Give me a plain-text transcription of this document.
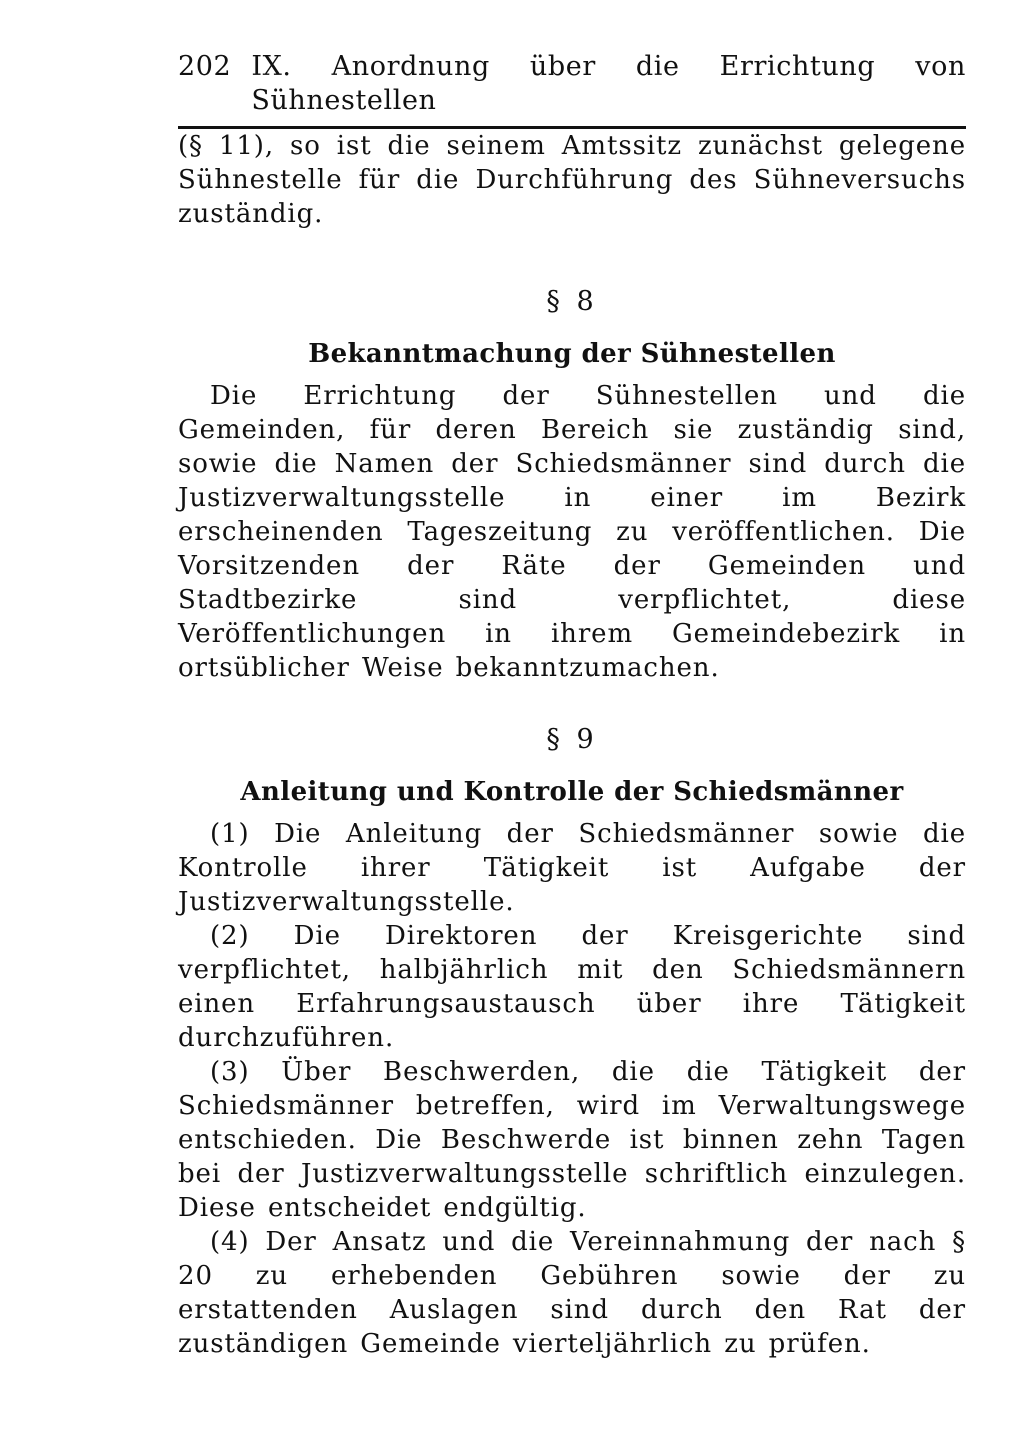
202 IX. Anordnung über die Errichtung von Sühnestellen

(§ 11), so ist die seinem Amtssitz zunächst gelegene Sühnestelle für die Durchführung des Sühneversuchs zuständig.

§ 8
Bekanntmachung der Sühnestellen

Die Errichtung der Sühnestellen und die Gemeinden, für deren Bereich sie zuständig sind, sowie die Namen der Schiedsmänner sind durch die Justizverwaltungsstelle in einer im Bezirk erscheinenden Tageszeitung zu veröffentlichen. Die Vorsitzenden der Räte der Gemeinden und Stadtbezirke sind verpflichtet, diese Veröffentlichungen in ihrem Gemeindebezirk in ortsüblicher Weise bekanntzumachen.

§ 9
Anleitung und Kontrolle der Schiedsmänner

(1) Die Anleitung der Schiedsmänner sowie die Kontrolle ihrer Tätigkeit ist Aufgabe der Justizverwaltungsstelle.

(2) Die Direktoren der Kreisgerichte sind verpflichtet, halbjährlich mit den Schiedsmännern einen Erfahrungsaustausch über ihre Tätigkeit durchzuführen.

(3) Über Beschwerden, die die Tätigkeit der Schiedsmänner betreffen, wird im Verwaltungswege entschieden. Die Beschwerde ist binnen zehn Tagen bei der Justizverwaltungsstelle schriftlich einzulegen. Diese entscheidet endgültig.

(4) Der Ansatz und die Vereinnahmung der nach § 20 zu erhebenden Gebühren sowie der zu erstattenden Auslagen sind durch den Rat der zuständigen Gemeinde vierteljährlich zu prüfen.
